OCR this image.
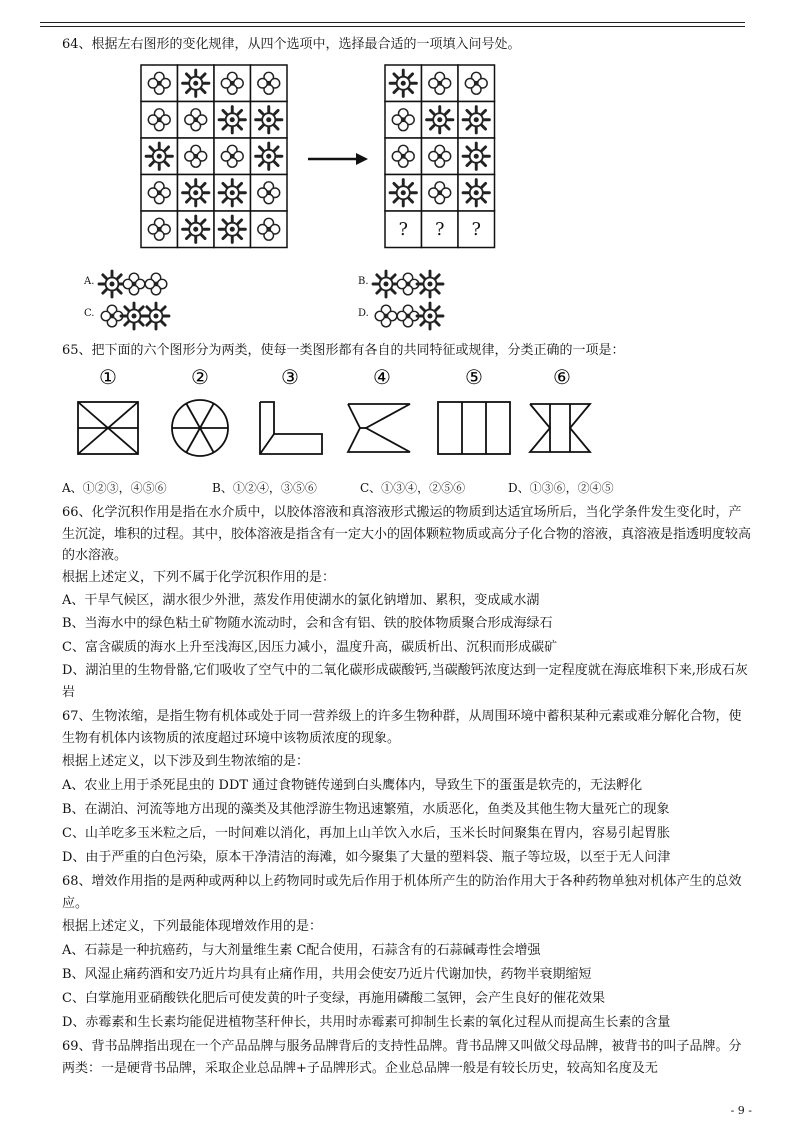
64、根据左右图形的变化规律，从四个选项中，选择最合适的一项填入问号处。
? ? ?
A.	B.
C.	D.
65、把下面的六个图形分为两类，使每一类图形都有各自的共同特征或规律，分类正确的一项是：
①	②	③	④	⑤	⑥
A、①②③，④⑤⑥	B、①②④，③⑤⑥	C、①③④，②⑤⑥	D、①③⑥，②④⑤
66、化学沉积作用是指在水介质中，以胶体溶液和真溶液形式搬运的物质到达适宜场所后，当化学条件发生变化时，产生沉淀，堆积的过程。其中，胶体溶液是指含有一定大小的固体颗粒物质或高分子化合物的溶液，真溶液是指透明度较高的水溶液。
根据上述定义，下列不属于化学沉积作用的是：
A、干旱气候区，湖水很少外泄，蒸发作用使湖水的氯化钠增加、累积，变成咸水湖
B、当海水中的绿色粘土矿物随水流动时，会和含有铝、铁的胶体物质聚合形成海绿石
C、富含碳质的海水上升至浅海区,因压力减小，温度升高，碳质析出、沉积而形成碳矿
D、湖泊里的生物骨骼,它们吸收了空气中的二氧化碳形成碳酸钙,当碳酸钙浓度达到一定程度就在海底堆积下来,形成石灰岩
67、生物浓缩，是指生物有机体或处于同一营养级上的许多生物种群，从周围环境中蓄积某种元素或难分解化合物，使生物有机体内该物质的浓度超过环境中该物质浓度的现象。
根据上述定义，以下涉及到生物浓缩的是：
A、农业上用于杀死昆虫的 DDT 通过食物链传递到白头鹰体内，导致生下的蛋蛋是软壳的，无法孵化
B、在湖泊、河流等地方出现的藻类及其他浮游生物迅速繁殖，水质恶化，鱼类及其他生物大量死亡的现象
C、山羊吃多玉米粒之后，一时间难以消化，再加上山羊饮入水后，玉米长时间聚集在胃内，容易引起胃胀
D、由于严重的白色污染，原本干净清洁的海滩，如今聚集了大量的塑料袋、瓶子等垃圾，以至于无人问津
68、增效作用指的是两种或两种以上药物同时或先后作用于机体所产生的防治作用大于各种药物单独对机体产生的总效应。
根据上述定义，下列最能体现增效作用的是：
A、石蒜是一种抗癌药，与大剂量维生素 C配合使用，石蒜含有的石蒜碱毒性会增强
B、风湿止痛药酒和安乃近片均具有止痛作用，共用会使安乃近片代谢加快，药物半衰期缩短
C、白掌施用亚硝酸铁化肥后可使发黄的叶子变绿，再施用磷酸二氢钾，会产生良好的催花效果
D、赤霉素和生长素均能促进植物茎秆伸长，共用时赤霉素可抑制生长素的氧化过程从而提高生长素的含量
69、背书品牌指出现在一个产品品牌与服务品牌背后的支持性品牌。背书品牌又叫做父母品牌，被背书的叫子品牌。分两类：一是硬背书品牌，采取企业总品牌+子品牌形式。企业总品牌一般是有较长历史，较高知名度及无
- 9 -
